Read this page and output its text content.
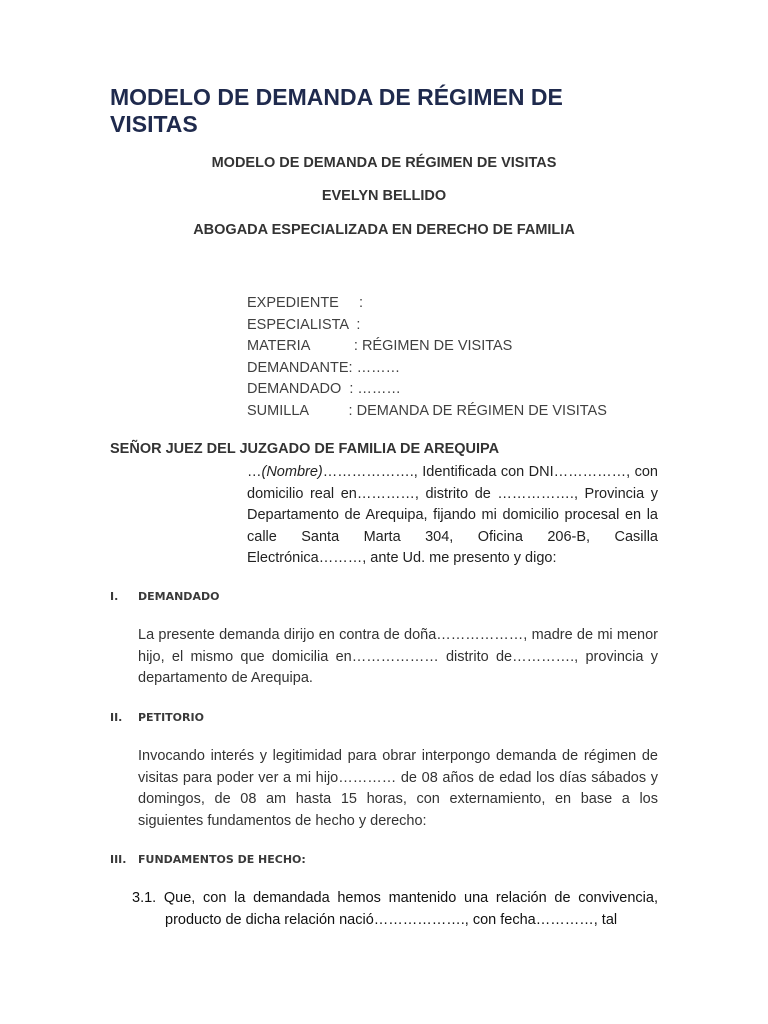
MODELO DE DEMANDA DE RÉGIMEN DE VISITAS

MODELO DE DEMANDA DE RÉGIMEN DE VISITAS

EVELYN BELLIDO

ABOGADA ESPECIALIZADA EN DERECHO DE FAMILIA

EXPEDIENTE     :
ESPECIALISTA  :
MATERIA           : RÉGIMEN DE VISITAS
DEMANDANTE: ………
DEMANDADO  : ………
SUMILLA          : DEMANDA DE RÉGIMEN DE VISITAS

SEÑOR JUEZ DEL JUZGADO DE FAMILIA DE AREQUIPA

…(Nombre)………………., Identificada con DNI……………, con domicilio real en…………, distrito de ……………., Provincia y Departamento de Arequipa, fijando mi domicilio procesal en la calle Santa Marta 304, Oficina 206-B, Casilla Electrónica………, ante Ud. me presento y digo:

I. DEMANDADO

La presente demanda dirijo en contra de doña………………, madre de mi menor hijo, el mismo que domicilia en……………… distrito de…………., provincia y departamento de Arequipa.

II. PETITORIO

Invocando interés y legitimidad para obrar interpongo demanda de régimen de visitas para poder ver a mi hijo………… de 08 años de edad los días sábados y domingos, de 08 am hasta 15 horas, con externamiento, en base a los siguientes fundamentos de hecho y derecho:

III. FUNDAMENTOS DE HECHO:

3.1. Que, con la demandada hemos mantenido una relación de convivencia, producto de dicha relación nació………………., con fecha…………, tal
